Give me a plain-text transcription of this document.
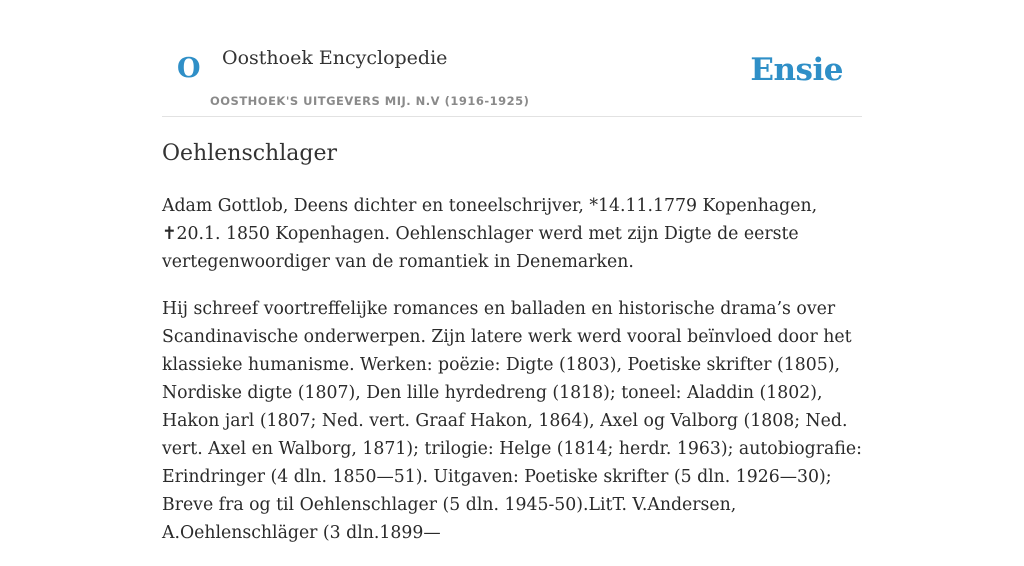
O Oosthoek Encyclopedie
OOSTHOEK'S UITGEVERS MIJ. N.V (1916-1925)
Ensie
Oehlenschlager

Adam Gottlob, Deens dichter en toneelschrijver, *14.11.1779 Kopenhagen, ✝20.1. 1850 Kopenhagen. Oehlenschlager werd met zijn Digte de eerste vertegenwoordiger van de romantiek in Denemarken.

Hij schreef voortreffelijke romances en balladen en historische drama’s over Scandinavische onderwerpen. Zijn latere werk werd vooral beïnvloed door het klassieke humanisme. Werken: poëzie: Digte (1803), Poetiske skrifter (1805), Nordiske digte (1807), Den lille hyrdedreng (1818); toneel: Aladdin (1802), Hakon jarl (1807; Ned. vert. Graaf Hakon, 1864), Axel og Valborg (1808; Ned. vert. Axel en Walborg, 1871); trilogie: Helge (1814; herdr. 1963); autobiografie: Erindringer (4 dln. 1850—51). Uitgaven: Poetiske skrifter (5 dln. 1926—30); Breve fra og til Oehlenschlager (5 dln. 1945-50).LitT. V.Andersen, A.Oehlenschläger (3 dln.1899—
